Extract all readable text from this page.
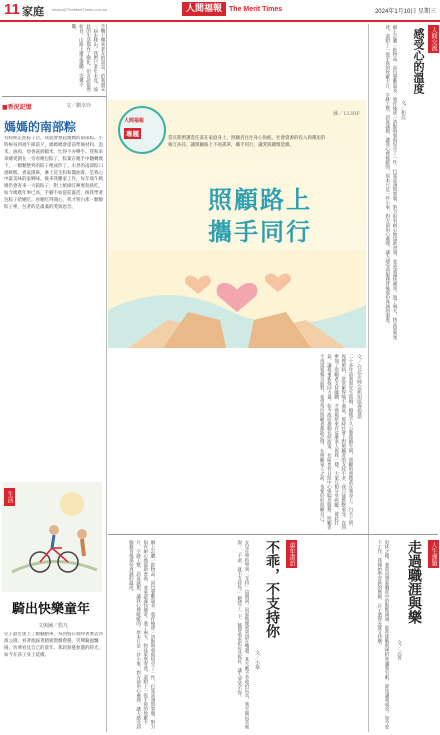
11 家庭 mtsec@TheMeritTimes.com.tw	人間福報	The Merit Times	2024年1月10日 星期三
人間交流
感受心的溫度
文／和佳
網上訂購一批物品，因包裹數量多，收件後逐一清點時發現短少了一件，打電話詢問客服，對方很有耐心地協助查詢，並承諾盡快補寄。過了兩天，物品果然寄達，還附上一張手寫的致歉卡片，字跡工整，語氣誠懇，讓我心裡暖暖的。原本只是一件小事，對方卻用心處理，讓人感受到服務背後那份真誠的溫度。
手機上傳來老友的訊息，約我週末一起去爬山。我們已多年未見，彼此的生活都有了變化，但友誼依然如昔。山路上邊走邊聊，笑聲不斷。
■香況記憶	文／劉幸玲
媽媽的南部粽
有時候走進粽子店，我就會想起媽媽的南部粽。小時候每到端午節前夕，媽媽總會提前準備材料，泡米、滷肉、炒香菇與蝦米，忙得不亦樂乎。我和弟弟總愛圍在一旁看她包粽子，粽葉在她手中翻轉幾下，一顆顆整齊的粽子便成形了。水煮的南部粽口感軟糯，香氣撲鼻，淋上花生粉和醬油膏，是我心中最美味的家鄉味。後來我離家工作，每年端午媽媽仍會寄來一大箱粽子，附上紙條叮嚀要趁熱吃。如今媽媽年事已高，手腳不如從前靈活，換我學著包粽子給她吃。看她吃得開心，我才明白那一顆顆粽子裡，包著的是滿滿的愛與思念。
生活
騎出快樂童年
文與圖／悠凡
兒子最近迷上了騎腳踏車，每到假日就吵著要去河濱公園。看著他踩著踏板愈騎愈穩，笑聲隨風飄揚，彷彿看見自己的童年。那段無憂無慮的時光，如今在孩子身上延續。
圖／123RF
人間福報
專題
當長期照護責任落在家庭身上，照顧者往往身心俱疲。社會資源的投入與鄰里的相互扶持，讓照顧路上不再孤單，攜手同行，讓愛與關懷延續。
照顧路上
攜手同行
文／台北市婦女新知協會提供
二十多年前我與先生結婚，婚後不久公婆陸續生病，照顧的重擔落在我身上。白天上班、夜裡照料，常常累得喘不過氣。那時社會上對照顧者的支持不多，我只能默默承受。直到參加了照顧者支持團體，才發現原來有這麼多人與我一樣。大家互相分享經驗、彼此打氣，讓我重新找回力量。如今政府推動長照政策，社區也有日照中心與喘息服務，照顧者不再需要獨自面對。希望每位照顧者都能記得，在照顧家人之前，也要好好照顧自己。
人生課題
走過職涯與樂
文／云菁
退休之後，我常回想起職涯中的點點滴滴，那些挑戰與挫折曾讓我失眠，卻也讓我成長。如今放下工作，我開始學習新的興趣，日子過得充實又快樂。
童年畫語
不乖，不支持你
文／小華
女兒在學校學到「支持」這個詞，回家後便常常掛在嘴邊。某天她不肯收拾玩具，我半開玩笑地說：「不乖，就不支持你。」她愣了一下，隨即乖乖把玩具收好，讓人哭笑不得。
網上訂購一批物品，因包裹數量多，收件後逐一清點時發現短少了一件，打電話詢問客服，對方很有耐心地協助查詢，並承諾盡快補寄。過了兩天，物品果然寄達，還附上一張手寫的致歉卡片，字跡工整，語氣誠懇，讓我心裡暖暖的。原本只是一件小事，對方卻用心處理，讓人感受到服務背後那份真誠的溫度。
